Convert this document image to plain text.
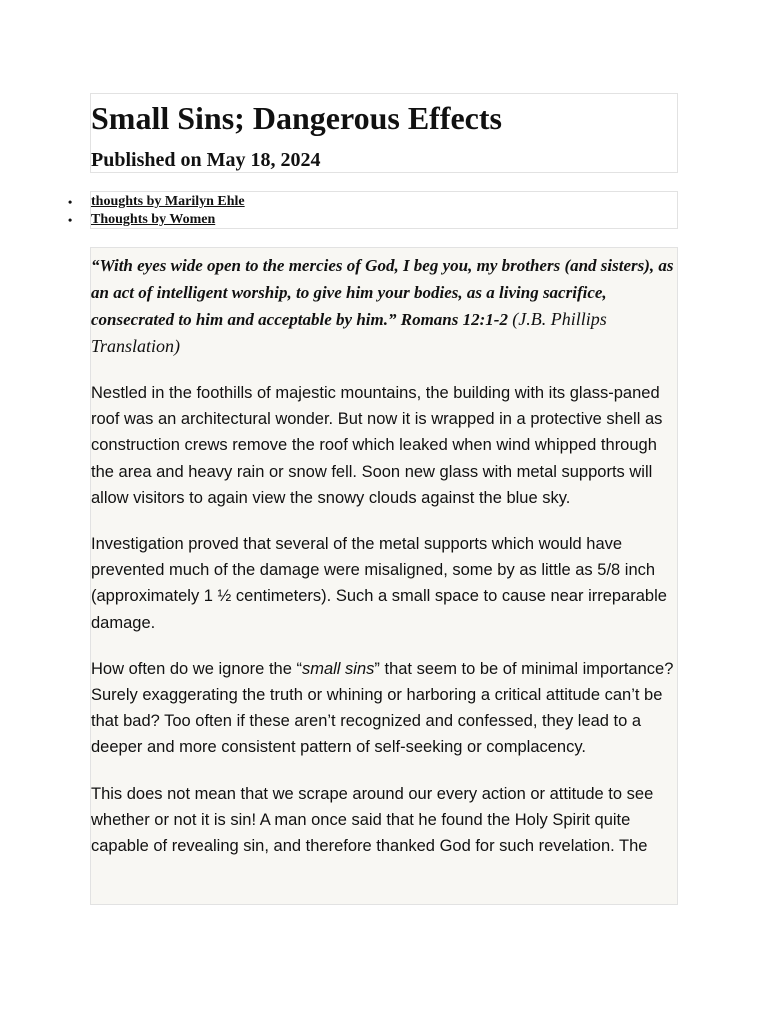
Small Sins; Dangerous Effects
Published on May 18, 2024
• thoughts by Marilyn Ehle
• Thoughts by Women

“With eyes wide open to the mercies of God, I beg you, my brothers (and sisters), as an act of intelligent worship, to give him your bodies, as a living sacrifice, consecrated to him and acceptable by him.” Romans 12:1-2 (J.B. Phillips Translation)

Nestled in the foothills of majestic mountains, the building with its glass-paned roof was an architectural wonder. But now it is wrapped in a protective shell as construction crews remove the roof which leaked when wind whipped through the area and heavy rain or snow fell. Soon new glass with metal supports will allow visitors to again view the snowy clouds against the blue sky.

Investigation proved that several of the metal supports which would have prevented much of the damage were misaligned, some by as little as 5/8 inch (approximately 1 ½ centimeters). Such a small space to cause near irreparable damage.

How often do we ignore the “small sins” that seem to be of minimal importance? Surely exaggerating the truth or whining or harboring a critical attitude can’t be that bad? Too often if these aren’t recognized and confessed, they lead to a deeper and more consistent pattern of self-seeking or complacency.

This does not mean that we scrape around our every action or attitude to see whether or not it is sin! A man once said that he found the Holy Spirit quite capable of revealing sin, and therefore thanked God for such revelation. The
